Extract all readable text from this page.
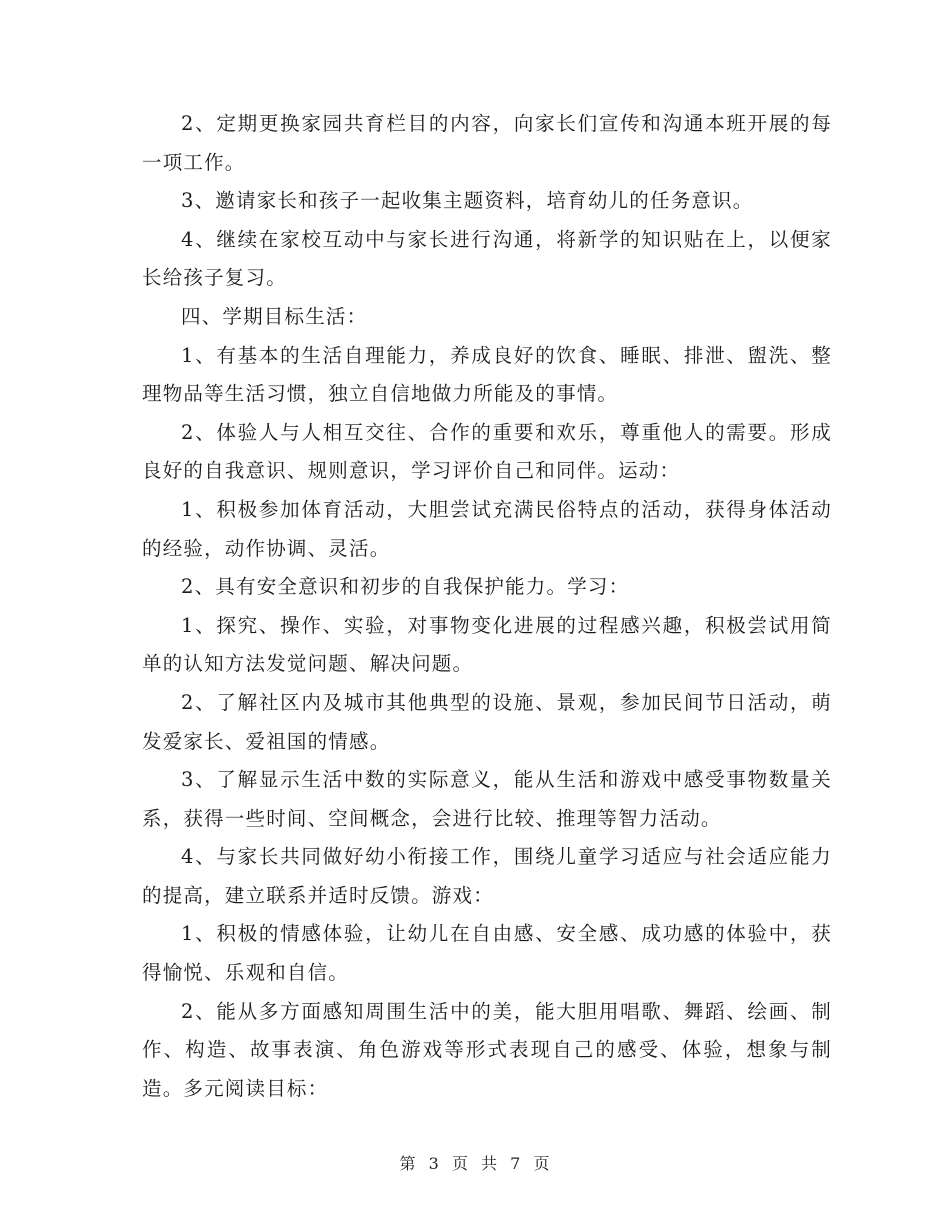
2、定期更换家园共育栏目的内容，向家长们宣传和沟通本班开展的每一项工作。

3、邀请家长和孩子一起收集主题资料，培育幼儿的任务意识。

4、继续在家校互动中与家长进行沟通，将新学的知识贴在上，以便家长给孩子复习。

四、学期目标生活：

1、有基本的生活自理能力，养成良好的饮食、睡眠、排泄、盥洗、整理物品等生活习惯，独立自信地做力所能及的事情。

2、体验人与人相互交往、合作的重要和欢乐，尊重他人的需要。形成良好的自我意识、规则意识，学习评价自己和同伴。运动：

1、积极参加体育活动，大胆尝试充满民俗特点的活动，获得身体活动的经验，动作协调、灵活。

2、具有安全意识和初步的自我保护能力。学习：

1、探究、操作、实验，对事物变化进展的过程感兴趣，积极尝试用简单的认知方法发觉问题、解决问题。

2、了解社区内及城市其他典型的设施、景观，参加民间节日活动，萌发爱家长、爱祖国的情感。

3、了解显示生活中数的实际意义，能从生活和游戏中感受事物数量关系，获得一些时间、空间概念，会进行比较、推理等智力活动。

4、与家长共同做好幼小衔接工作，围绕儿童学习适应与社会适应能力的提高，建立联系并适时反馈。游戏：

1、积极的情感体验，让幼儿在自由感、安全感、成功感的体验中，获得愉悦、乐观和自信。

2、能从多方面感知周围生活中的美，能大胆用唱歌、舞蹈、绘画、制作、构造、故事表演、角色游戏等形式表现自己的感受、体验，想象与制造。多元阅读目标：

第 3 页 共 7 页
